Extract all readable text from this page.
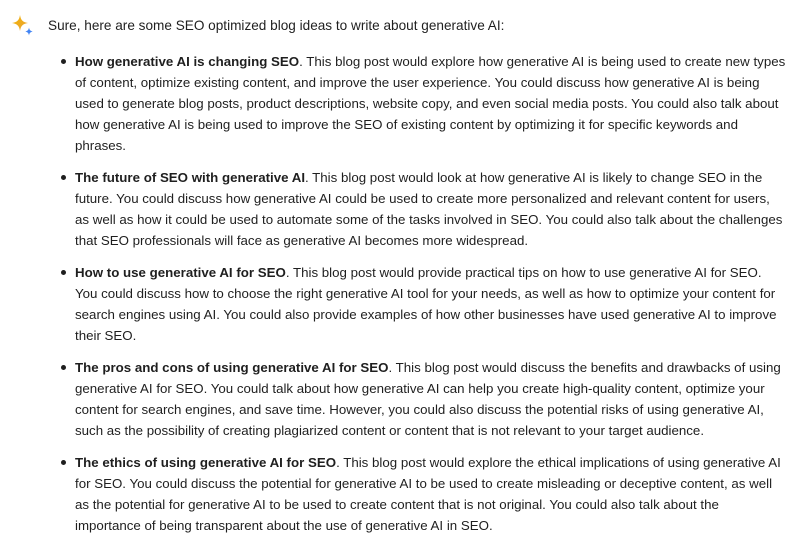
Sure, here are some SEO optimized blog ideas to write about generative AI:
How generative AI is changing SEO. This blog post would explore how generative AI is being used to create new types of content, optimize existing content, and improve the user experience. You could discuss how generative AI is being used to generate blog posts, product descriptions, website copy, and even social media posts. You could also talk about how generative AI is being used to improve the SEO of existing content by optimizing it for specific keywords and phrases.
The future of SEO with generative AI. This blog post would look at how generative AI is likely to change SEO in the future. You could discuss how generative AI could be used to create more personalized and relevant content for users, as well as how it could be used to automate some of the tasks involved in SEO. You could also talk about the challenges that SEO professionals will face as generative AI becomes more widespread.
How to use generative AI for SEO. This blog post would provide practical tips on how to use generative AI for SEO. You could discuss how to choose the right generative AI tool for your needs, as well as how to optimize your content for search engines using AI. You could also provide examples of how other businesses have used generative AI to improve their SEO.
The pros and cons of using generative AI for SEO. This blog post would discuss the benefits and drawbacks of using generative AI for SEO. You could talk about how generative AI can help you create high-quality content, optimize your content for search engines, and save time. However, you could also discuss the potential risks of using generative AI, such as the possibility of creating plagiarized content or content that is not relevant to your target audience.
The ethics of using generative AI for SEO. This blog post would explore the ethical implications of using generative AI for SEO. You could discuss the potential for generative AI to be used to create misleading or deceptive content, as well as the potential for generative AI to be used to create content that is not original. You could also talk about the importance of being transparent about the use of generative AI in SEO.
